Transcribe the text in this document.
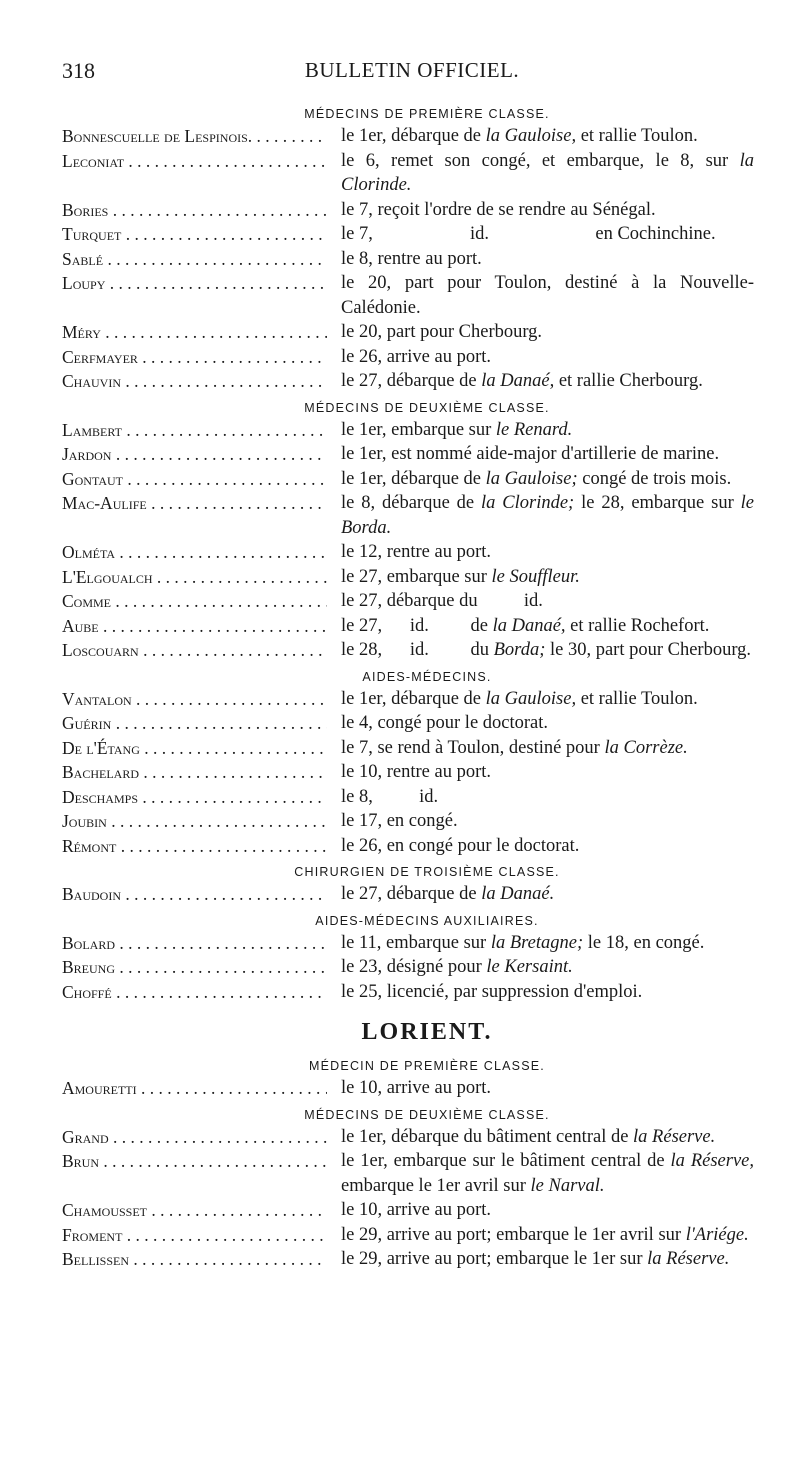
318	BULLETIN OFFICIEL.
MÉDECINS DE PREMIÈRE CLASSE.
Bonnescuelle de Lespinois. . . .	le 1er, débarque de la Gauloise, et rallie Toulon.
Leconiat . . .	le 6, remet son congé, et embarque, le 8, sur la Clorinde.
Bories . . .	le 7, reçoit l'ordre de se rendre au Sénégal.
Turquet . . .	le 7,                     id.                       en Cochinchine.
Sablé . . .	le 8, rentre au port.
Loupy . . .	le 20, part pour Toulon, destiné à la Nouvelle-Calédonie.
Méry . . .	le 20, part pour Cherbourg.
Cerfmayer . . .	le 26, arrive au port.
Chauvin . . .	le 27, débarque de la Danaé, et rallie Cherbourg.
MÉDECINS DE DEUXIÈME CLASSE.
Lambert . . .	le 1er, embarque sur le Renard.
Jardon . . .	le 1er, est nommé aide-major d'artillerie de marine.
Gontaut . . .	le 1er, débarque de la Gauloise; congé de trois mois.
Mac-Aulife . . .	le 8, débarque de la Clorinde; le 28, embarque sur le Borda.
Olméta . . .	le 12, rentre au port.
L'Elgoualch . . .	le 27, embarque sur le Souffleur.
Comme . . .	le 27, débarque du          id.
Aube . . .	le 27,      id.         de la Danaé, et rallie Rochefort.
Loscouarn . . .	le 28,      id.         du Borda; le 30, part pour Cherbourg.
AIDES-MÉDECINS.
Vantalon . . .	le 1er, débarque de la Gauloise, et rallie Toulon.
Guérin . . .	le 4, congé pour le doctorat.
De l'Étang . . .	le 7, se rend à Toulon, destiné pour la Corrèze.
Bachelard . . .	le 10, rentre au port.
Deschamps . . .	le 8,          id.
Joubin . . .	le 17, en congé.
Rémont . . .	le 26, en congé pour le doctorat.
CHIRURGIEN DE TROISIÈME CLASSE.
Baudoin . . .	le 27, débarque de la Danaé.
AIDES-MÉDECINS AUXILIAIRES.
Bolard . . .	le 11, embarque sur la Bretagne; le 18, en congé.
Breung . . .	le 23, désigné pour le Kersaint.
Choffé . . .	le 25, licencié, par suppression d'emploi.
LORIENT.
MÉDECIN DE PREMIÈRE CLASSE.
Amouretti . . .	le 10, arrive au port.
MÉDECINS DE DEUXIÈME CLASSE.
Grand . . .	le 1er, débarque du bâtiment central de la Réserve.
Brun . . .	le 1er, embarque sur le bâtiment central de la Réserve, embarque le 1er avril sur le Narval.
Chamousset . . .	le 10, arrive au port.
Froment . . .	le 29, arrive au port; embarque le 1er avril sur l'Ariége.
Bellissen . . .	le 29, arrive au port; embarque le 1er sur la Réserve.
